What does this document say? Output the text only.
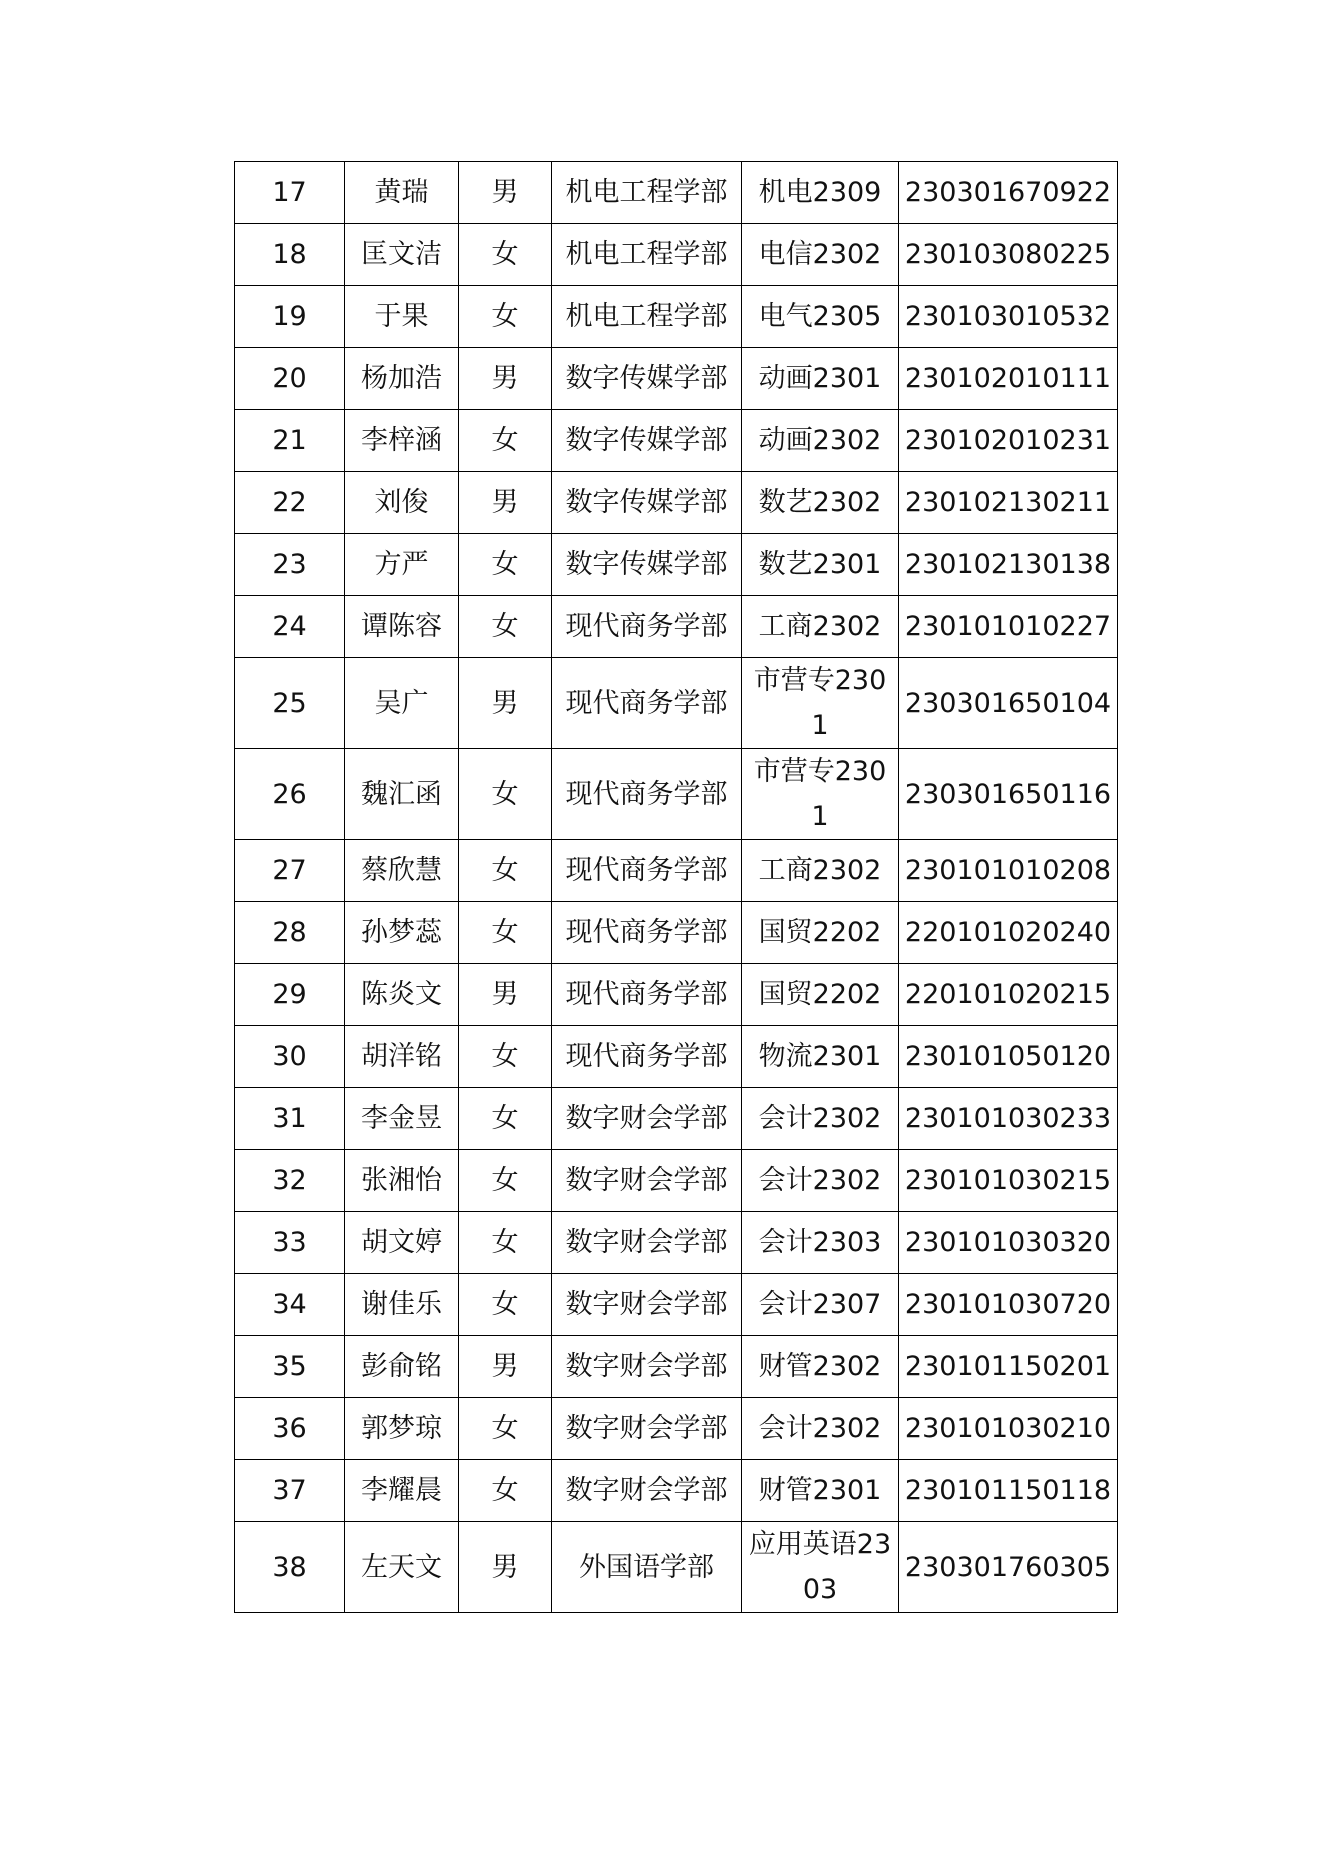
17	黄瑞	男	机电工程学部	机电2309	230301670922
18	匡文洁	女	机电工程学部	电信2302	230103080225
19	于果	女	机电工程学部	电气2305	230103010532
20	杨加浩	男	数字传媒学部	动画2301	230102010111
21	李梓涵	女	数字传媒学部	动画2302	230102010231
22	刘俊	男	数字传媒学部	数艺2302	230102130211
23	方严	女	数字传媒学部	数艺2301	230102130138
24	谭陈容	女	现代商务学部	工商2302	230101010227
25	吴广	男	现代商务学部	市营专2301	230301650104
26	魏汇函	女	现代商务学部	市营专2301	230301650116
27	蔡欣慧	女	现代商务学部	工商2302	230101010208
28	孙梦蕊	女	现代商务学部	国贸2202	220101020240
29	陈炎文	男	现代商务学部	国贸2202	220101020215
30	胡洋铭	女	现代商务学部	物流2301	230101050120
31	李金昱	女	数字财会学部	会计2302	230101030233
32	张湘怡	女	数字财会学部	会计2302	230101030215
33	胡文婷	女	数字财会学部	会计2303	230101030320
34	谢佳乐	女	数字财会学部	会计2307	230101030720
35	彭俞铭	男	数字财会学部	财管2302	230101150201
36	郭梦琼	女	数字财会学部	会计2302	230101030210
37	李耀晨	女	数字财会学部	财管2301	230101150118
38	左天文	男	外国语学部	应用英语2303	230301760305
